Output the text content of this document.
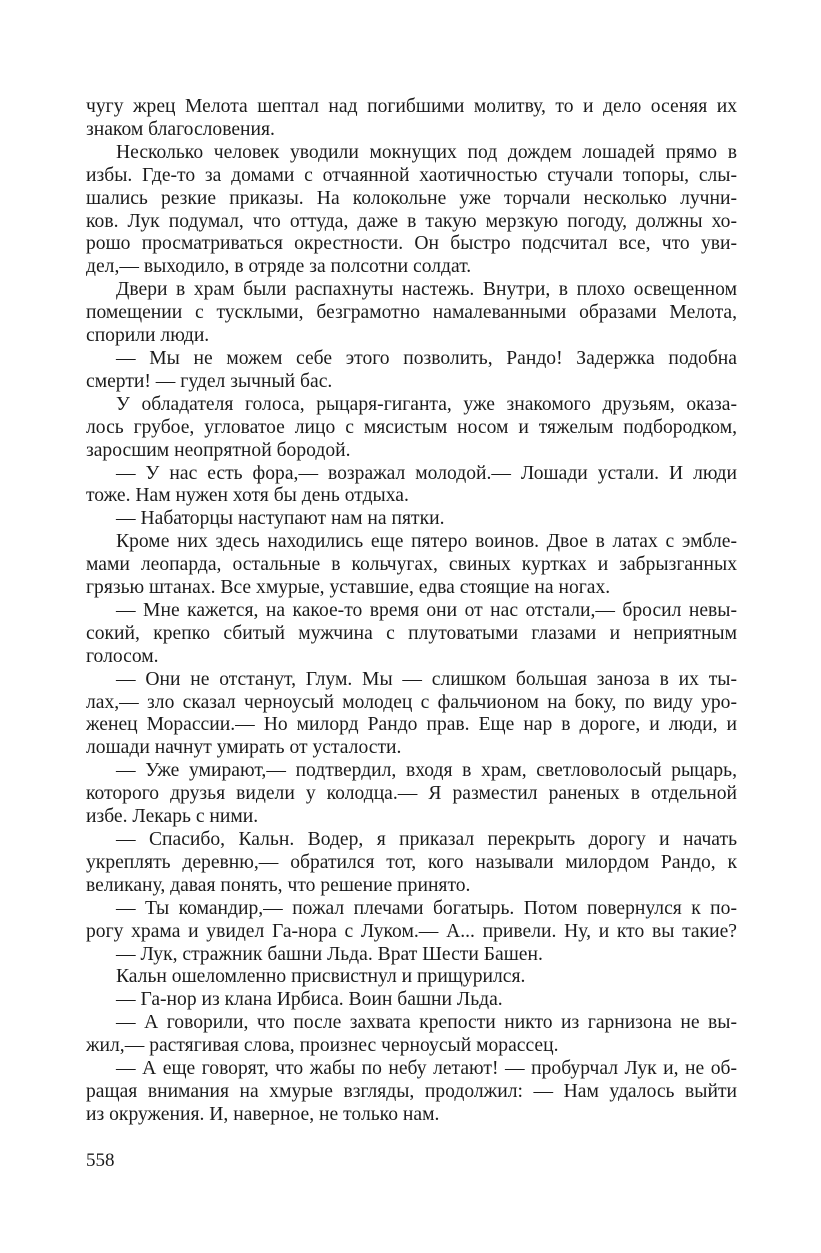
чугу жрец Мелота шептал над погибшими молитву, то и дело осеняя их
знаком благословения.
Несколько человек уводили мокнущих под дождем лошадей прямо в
избы. Где-то за домами с отчаянной хаотичностью стучали топоры, слы-
шались резкие приказы. На колокольне уже торчали несколько лучни-
ков. Лук подумал, что оттуда, даже в такую мерзкую погоду, должны хо-
рошо просматриваться окрестности. Он быстро подсчитал все, что уви-
дел,— выходило, в отряде за полсотни солдат.
Двери в храм были распахнуты настежь. Внутри, в плохо освещенном
помещении с тусклыми, безграмотно намалеванными образами Мелота,
спорили люди.
— Мы не можем себе этого позволить, Рандо! Задержка подобна
смерти! — гудел зычный бас.
У обладателя голоса, рыцаря-гиганта, уже знакомого друзьям, оказа-
лось грубое, угловатое лицо с мясистым носом и тяжелым подбородком,
заросшим неопрятной бородой.
— У нас есть фора,— возражал молодой.— Лошади устали. И люди
тоже. Нам нужен хотя бы день отдыха.
— Набаторцы наступают нам на пятки.
Кроме них здесь находились еще пятеро воинов. Двое в латах с эмбле-
мами леопарда, остальные в кольчугах, свиных куртках и забрызганных
грязью штанах. Все хмурые, уставшие, едва стоящие на ногах.
— Мне кажется, на какое-то время они от нас отстали,— бросил невы-
сокий, крепко сбитый мужчина с плутоватыми глазами и неприятным
голосом.
— Они не отстанут, Глум. Мы — слишком большая заноза в их ты-
лах,— зло сказал черноусый молодец с фальчионом на боку, по виду уро-
женец Морассии.— Но милорд Рандо прав. Еще нар в дороге, и люди, и
лошади начнут умирать от усталости.
— Уже умирают,— подтвердил, входя в храм, светловолосый рыцарь,
которого друзья видели у колодца.— Я разместил раненых в отдельной
избе. Лекарь с ними.
— Спасибо, Кальн. Водер, я приказал перекрыть дорогу и начать
укреплять деревню,— обратился тот, кого называли милордом Рандо, к
великану, давая понять, что решение принято.
— Ты командир,— пожал плечами богатырь. Потом повернулся к по-
рогу храма и увидел Га-нора с Луком.— А... привели. Ну, и кто вы такие?
— Лук, стражник башни Льда. Врат Шести Башен.
Кальн ошеломленно присвистнул и прищурился.
— Га-нор из клана Ирбиса. Воин башни Льда.
— А говорили, что после захвата крепости никто из гарнизона не вы-
жил,— растягивая слова, произнес черноусый морассец.
— А еще говорят, что жабы по небу летают! — пробурчал Лук и, не об-
ращая внимания на хмурые взгляды, продолжил: — Нам удалось выйти
из окружения. И, наверное, не только нам.
558
